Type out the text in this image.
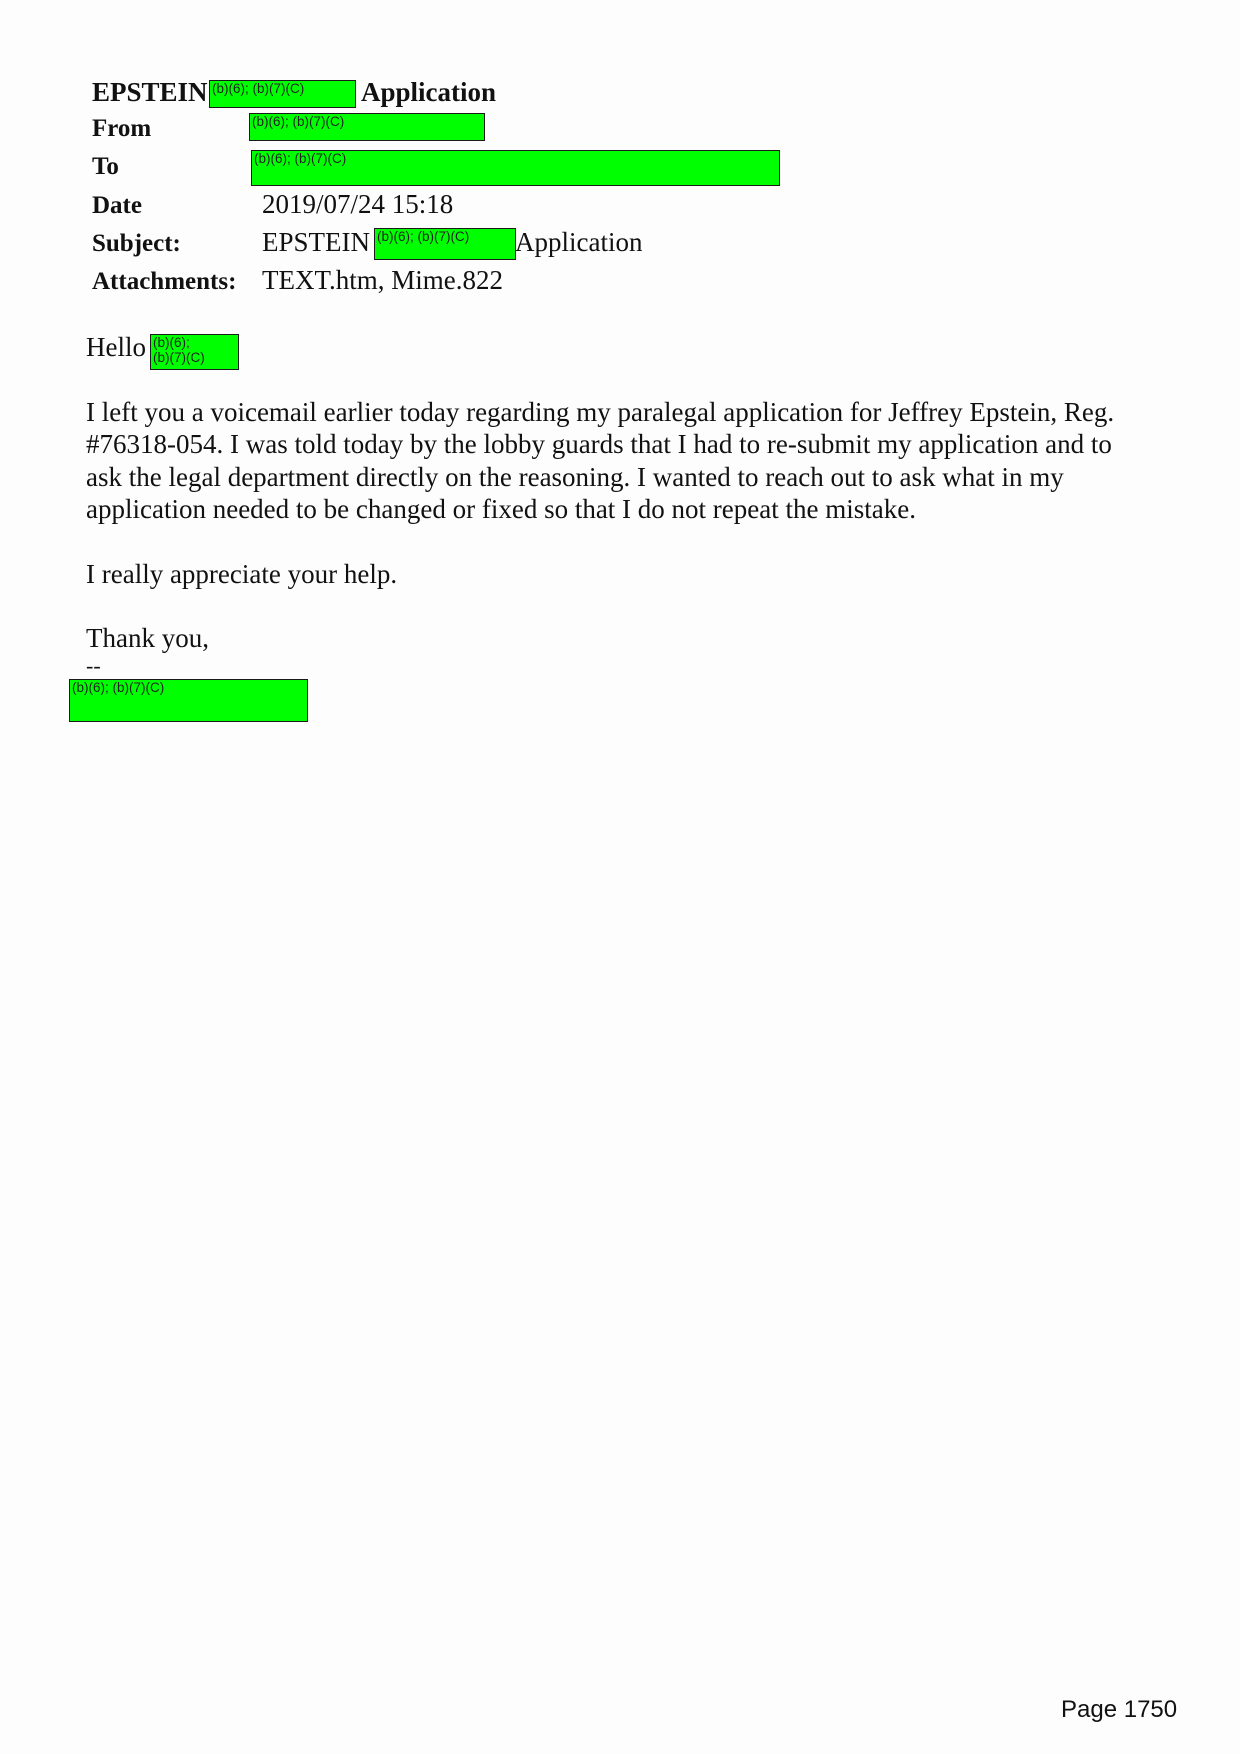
EPSTEIN (b)(6); (b)(7)(C) Application
From	(b)(6); (b)(7)(C)
To	(b)(6); (b)(7)(C)
Date	2019/07/24 15:18
Subject:	EPSTEIN (b)(6); (b)(7)(C) Application
Attachments: TEXT.htm, Mime.822
Hello (b)(6);
(b)(7)(C)
I left you a voicemail earlier today regarding my paralegal application for Jeffrey Epstein, Reg.
#76318-054. I was told today by the lobby guards that I had to re-submit my application and to
ask the legal department directly on the reasoning. I wanted to reach out to ask what in my
application needed to be changed or fixed so that I do not repeat the mistake.
I really appreciate your help.
Thank you,
--
(b)(6); (b)(7)(C)
Page 1750
